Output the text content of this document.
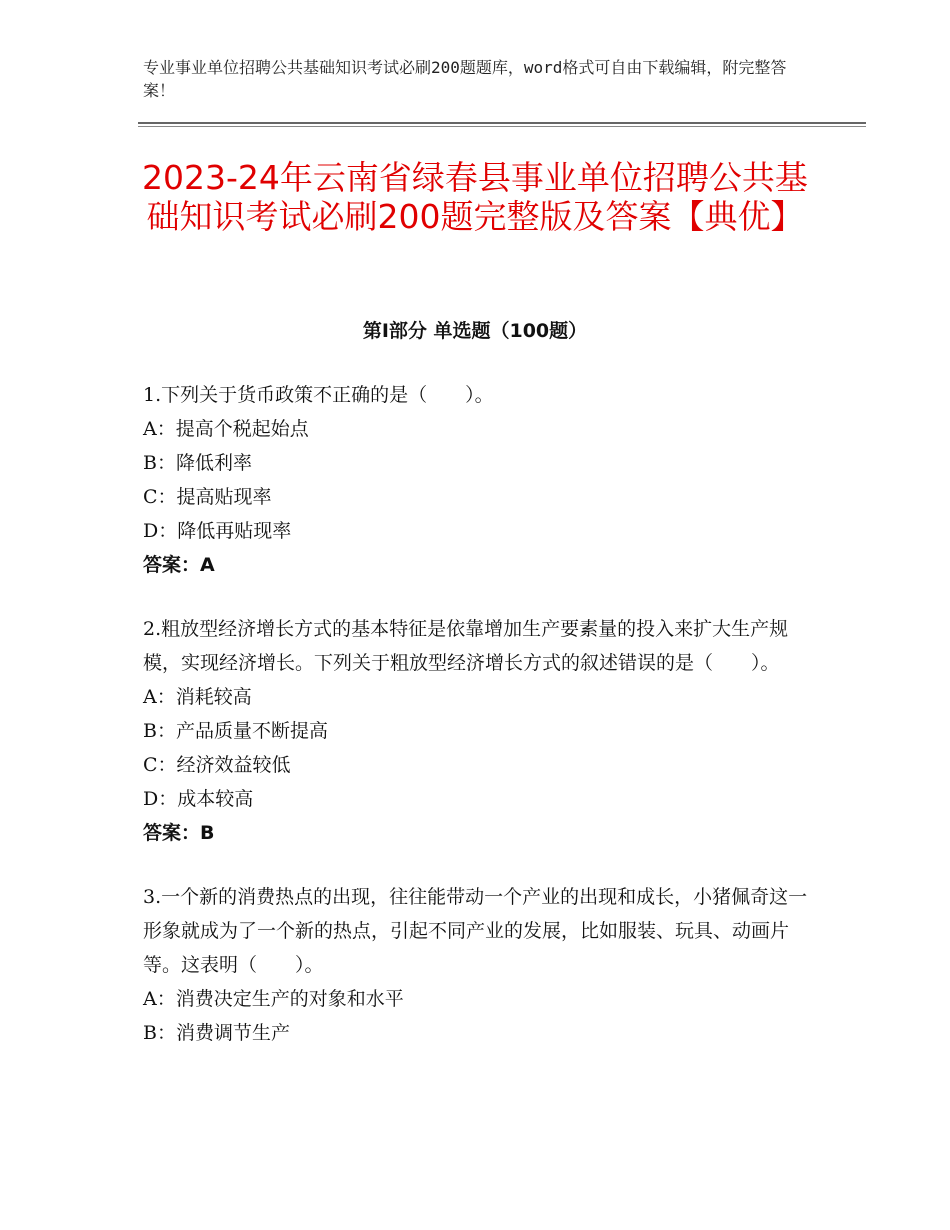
专业事业单位招聘公共基础知识考试必刷200题题库，word格式可自由下载编辑，附完整答案！
2023-24年云南省绿春县事业单位招聘公共基础知识考试必刷200题完整版及答案【典优】
第Ⅰ部分 单选题（100题）
1.下列关于货币政策不正确的是（　　）。
A：提高个税起始点
B：降低利率
C：提高贴现率
D：降低再贴现率
答案：A
2.粗放型经济增长方式的基本特征是依靠增加生产要素量的投入来扩大生产规模，实现经济增长。下列关于粗放型经济增长方式的叙述错误的是（　　）。
A：消耗较高
B：产品质量不断提高
C：经济效益较低
D：成本较高
答案：B
3.一个新的消费热点的出现，往往能带动一个产业的出现和成长，小猪佩奇这一形象就成为了一个新的热点，引起不同产业的发展，比如服装、玩具、动画片等。这表明（　　）。
A：消费决定生产的对象和水平
B：消费调节生产
